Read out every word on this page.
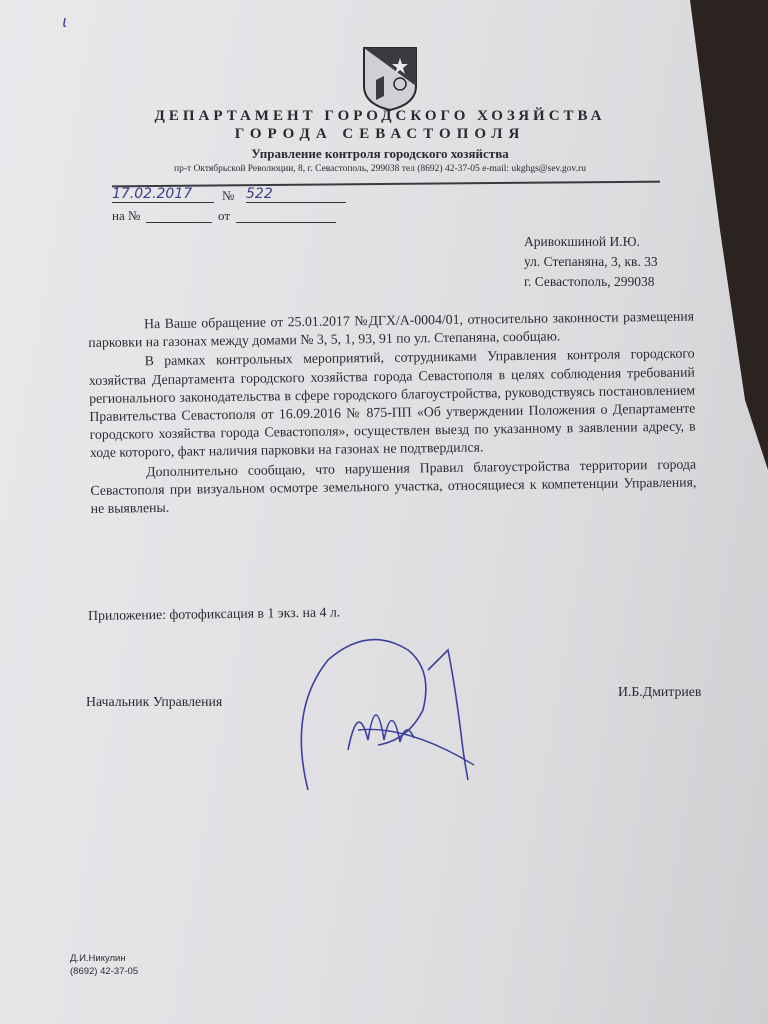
ɩ
ДЕПАРТАМЕНТ ГОРОДСКОГО ХОЗЯЙСТВА
ГОРОДА СЕВАСТОПОЛЯ
Управление контроля городского хозяйства
пр-т Октябрьской Революции, 8, г. Севастополь, 299038 тел (8692) 42-37-05 e-mail: ukghgs@sev.gov.ru
17.02.2017	№ 522
на №	от
Аривокшиной И.Ю.
ул. Степаняна, 3, кв. 33
г. Севастополь, 299038

На Ваше обращение от 25.01.2017 №ДГХ/А-0004/01, относительно законности размещения парковки на газонах между домами № 3, 5, 1, 93, 91 по ул. Степаняна, сообщаю.

В рамках контрольных мероприятий, сотрудниками Управления контроля городского хозяйства Департамента городского хозяйства города Севастополя в целях соблюдения требований регионального законодательства в сфере городского благоустройства, руководствуясь постановлением Правительства Севастополя от 16.09.2016 № 875-ПП «Об утверждении Положения о Департаменте городского хозяйства города Севастополя», осуществлен выезд по указанному в заявлении адресу, в ходе которого, факт наличия парковки на газонах не подтвердился.

Дополнительно сообщаю, что нарушения Правил благоустройства территории города Севастополя при визуальном осмотре земельного участка, относящиеся к компетенции Управления, не выявлены.

Приложение: фотофиксация в 1 экз. на 4 л.
Начальник Управления
И.Б.Дмитриев
Д.И.Никулин
(8692) 42-37-05
